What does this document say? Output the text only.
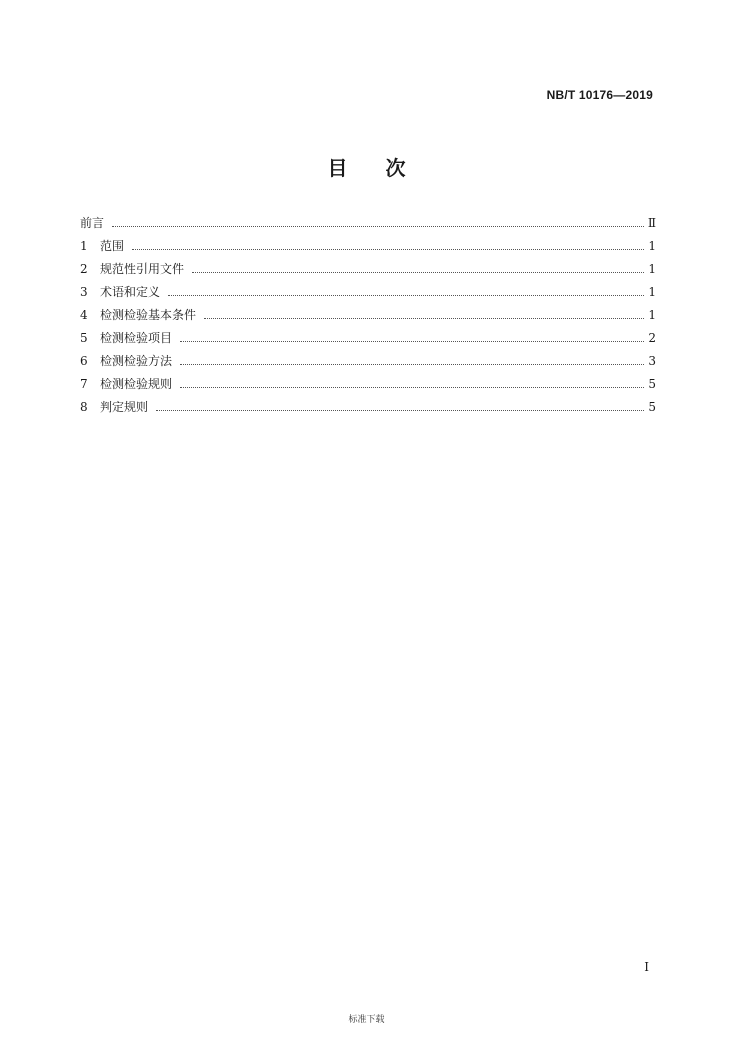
NB/T 10176—2019
目 次
前言	Ⅱ
1	范围	1
2	规范性引用文件	1
3	术语和定义	1
4	检测检验基本条件	1
5	检测检验项目	2
6	检测检验方法	3
7	检测检验规则	5
8	判定规则	5
I
标准下载
